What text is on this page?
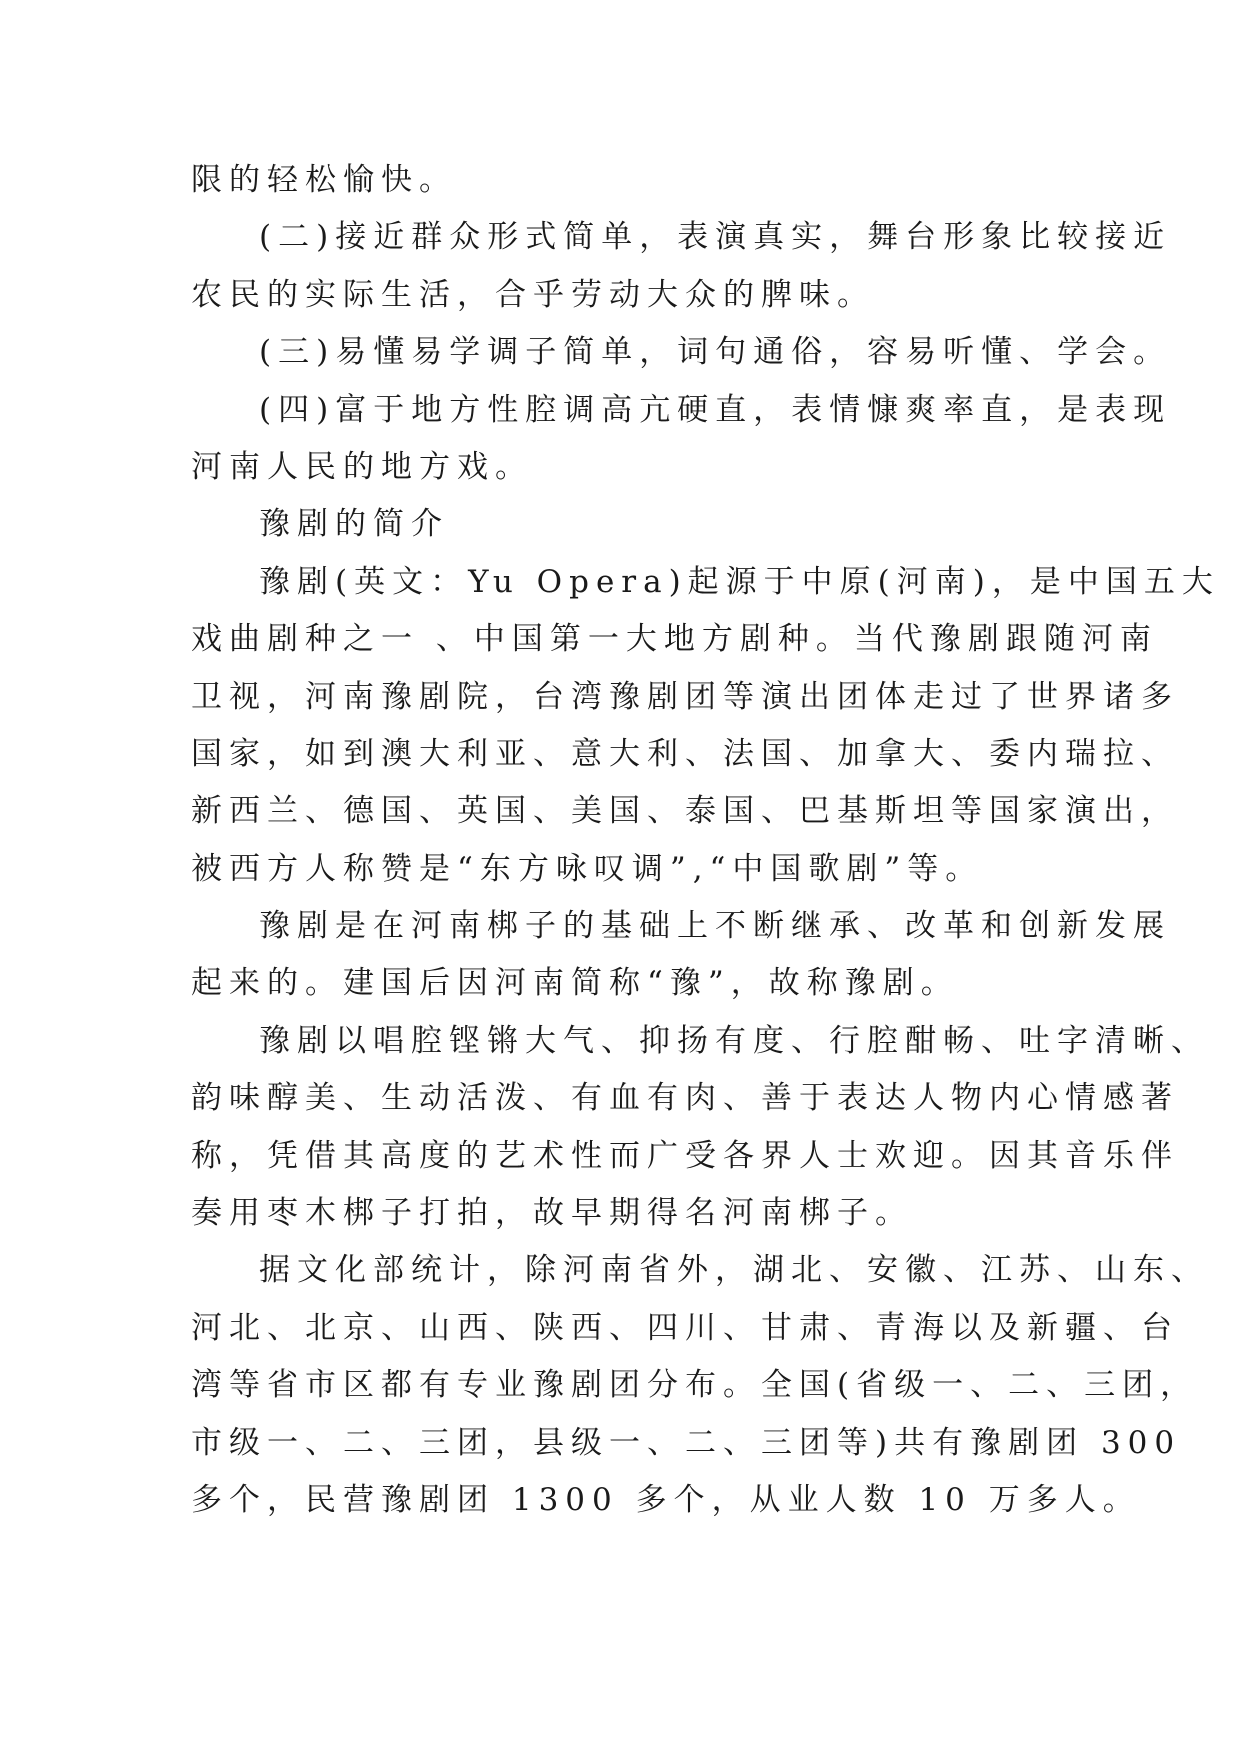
限的轻松愉快。
(二)接近群众形式简单，表演真实，舞台形象比较接近
农民的实际生活，合乎劳动大众的脾味。
(三)易懂易学调子简单，词句通俗，容易听懂、学会。
(四)富于地方性腔调高亢硬直，表情慷爽率直，是表现
河南人民的地方戏。
豫剧的简介
豫剧(英文：Yu Opera)起源于中原(河南)，是中国五大
戏曲剧种之一 、中国第一大地方剧种。当代豫剧跟随河南
卫视，河南豫剧院，台湾豫剧团等演出团体走过了世界诸多
国家，如到澳大利亚、意大利、法国、加拿大、委内瑞拉、
新西兰、德国、英国、美国、泰国、巴基斯坦等国家演出，
被西方人称赞是“东方咏叹调”,“中国歌剧”等。
豫剧是在河南梆子的基础上不断继承、改革和创新发展
起来的。建国后因河南简称“豫”，故称豫剧。
豫剧以唱腔铿锵大气、抑扬有度、行腔酣畅、吐字清晰、
韵味醇美、生动活泼、有血有肉、善于表达人物内心情感著
称，凭借其高度的艺术性而广受各界人士欢迎。因其音乐伴
奏用枣木梆子打拍，故早期得名河南梆子。
据文化部统计，除河南省外，湖北、安徽、江苏、山东、
河北、北京、山西、陕西、四川、甘肃、青海以及新疆、台
湾等省市区都有专业豫剧团分布。全国(省级一、二、三团，
市级一、二、三团，县级一、二、三团等)共有豫剧团 300
多个，民营豫剧团 1300 多个，从业人数 10 万多人。
